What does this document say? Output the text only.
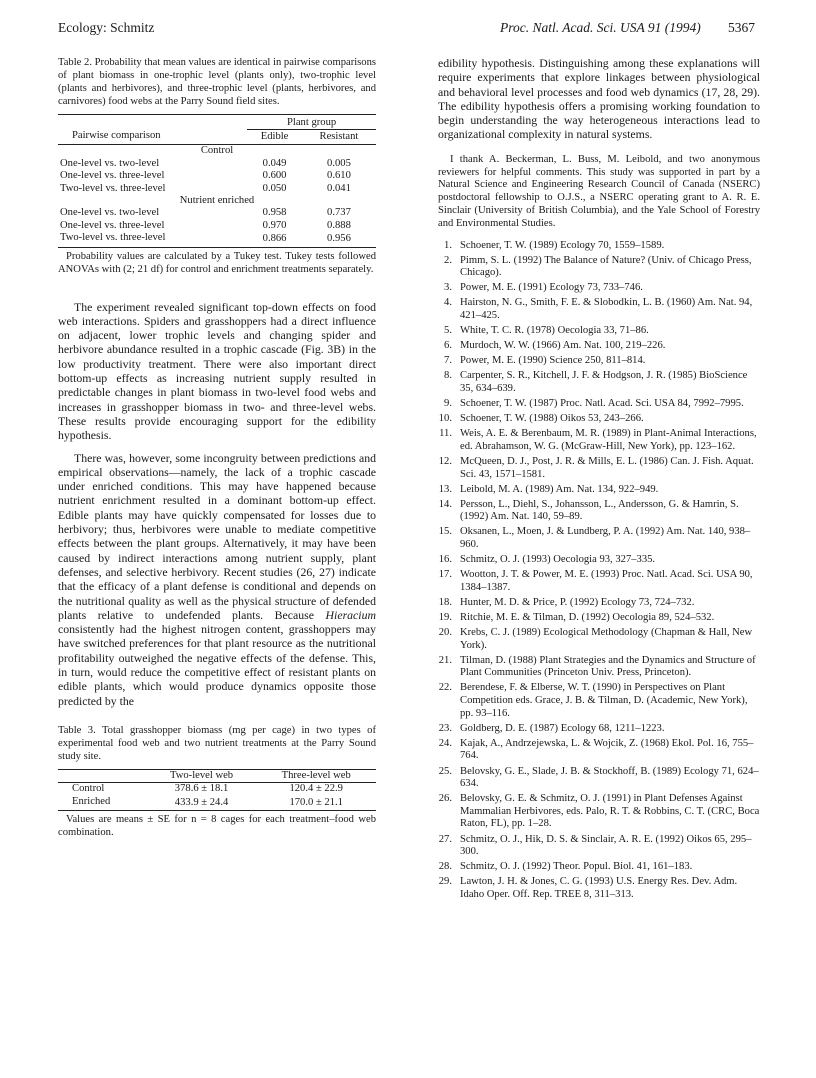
Ecology: Schmitz	Proc. Natl. Acad. Sci. USA 91 (1994) 5367

Table 2. Probability that mean values are identical in pairwise comparisons of plant biomass in one-trophic level (plants only), two-trophic level (plants and herbivores), and three-trophic level (plants, herbivores, and carnivores) food webs at the Parry Sound field sites.

	Plant group	
Pairwise comparison	Edible	Resistant
Control		
One-level vs. two-level	0.049	0.005
One-level vs. three-level	0.600	0.610
Two-level vs. three-level	0.050	0.041
Nutrient enriched		
One-level vs. two-level	0.958	0.737
One-level vs. three-level	0.970	0.888
Two-level vs. three-level	0.866	0.956

Probability values are calculated by a Tukey test. Tukey tests followed ANOVAs with (2; 21 df) for control and enrichment treatments separately.

The experiment revealed significant top-down effects on food web interactions. Spiders and grasshoppers had a direct influence on adjacent, lower trophic levels and changing spider and herbivore abundance resulted in a trophic cascade (Fig. 3B) in the low productivity treatment. There were also important direct bottom-up effects as increasing nutrient supply resulted in predictable changes in plant biomass in two-level food webs and increases in grasshopper biomass in two- and three-level webs. These results provide encouraging support for the edibility hypothesis.

There was, however, some incongruity between predictions and empirical observations—namely, the lack of a trophic cascade under enriched conditions. This may have happened because nutrient enrichment resulted in a dominant bottom-up effect. Edible plants may have quickly compensated for losses due to herbivory; thus, herbivores were unable to mediate competitive effects between the plant groups. Alternatively, it may have been caused by indirect interactions among nutrient supply, plant defenses, and selective herbivory. Recent studies (26, 27) indicate that the efficacy of a plant defense is conditional and depends on the nutritional quality as well as the physical structure of defended plants relative to undefended plants. Because Hieracium consistently had the highest nitrogen content, grasshoppers may have switched preferences for that plant resource as the nutritional profitability outweighed the negative effects of the defense. This, in turn, would reduce the competitive effect of resistant plants on edible plants, which would produce dynamics opposite those predicted by the

Table 3. Total grasshopper biomass (mg per cage) in two types of experimental food web and two nutrient treatments at the Parry Sound study site.

	Two-level web	Three-level web
Control	378.6 ± 18.1	120.4 ± 22.9
Enriched	433.9 ± 24.4	170.0 ± 21.1

Values are means ± SE for n = 8 cages for each treatment–food web combination.

edibility hypothesis. Distinguishing among these explanations will require experiments that explore linkages between physiological and behavioral level processes and food web dynamics (17, 28, 29). The edibility hypothesis offers a promising working foundation to begin understanding the way heterogeneous interactions lead to organizational complexity in natural systems.

I thank A. Beckerman, L. Buss, M. Leibold, and two anonymous reviewers for helpful comments. This study was supported in part by a Natural Science and Engineering Research Council of Canada (NSERC) postdoctoral fellowship to O.J.S., a NSERC operating grant to A. R. E. Sinclair (University of British Columbia), and the Yale School of Forestry and Environmental Studies.

1. Schoener, T. W. (1989) Ecology 70, 1559–1589.
2. Pimm, S. L. (1992) The Balance of Nature? (Univ. of Chicago Press, Chicago).
3. Power, M. E. (1991) Ecology 73, 733–746.
4. Hairston, N. G., Smith, F. E. & Slobodkin, L. B. (1960) Am. Nat. 94, 421–425.
5. White, T. C. R. (1978) Oecologia 33, 71–86.
6. Murdoch, W. W. (1966) Am. Nat. 100, 219–226.
7. Power, M. E. (1990) Science 250, 811–814.
8. Carpenter, S. R., Kitchell, J. F. & Hodgson, J. R. (1985) BioScience 35, 634–639.
9. Schoener, T. W. (1987) Proc. Natl. Acad. Sci. USA 84, 7992–7995.
10. Schoener, T. W. (1988) Oikos 53, 243–266.
11. Weis, A. E. & Berenbaum, M. R. (1989) in Plant-Animal Interactions, ed. Abrahamson, W. G. (McGraw-Hill, New York), pp. 123–162.
12. McQueen, D. J., Post, J. R. & Mills, E. L. (1986) Can. J. Fish. Aquat. Sci. 43, 1571–1581.
13. Leibold, M. A. (1989) Am. Nat. 134, 922–949.
14. Persson, L., Diehl, S., Johansson, L., Andersson, G. & Hamrin, S. (1992) Am. Nat. 140, 59–89.
15. Oksanen, L., Moen, J. & Lundberg, P. A. (1992) Am. Nat. 140, 938–960.
16. Schmitz, O. J. (1993) Oecologia 93, 327–335.
17. Wootton, J. T. & Power, M. E. (1993) Proc. Natl. Acad. Sci. USA 90, 1384–1387.
18. Hunter, M. D. & Price, P. (1992) Ecology 73, 724–732.
19. Ritchie, M. E. & Tilman, D. (1992) Oecologia 89, 524–532.
20. Krebs, C. J. (1989) Ecological Methodology (Chapman & Hall, New York).
21. Tilman, D. (1988) Plant Strategies and the Dynamics and Structure of Plant Communities (Princeton Univ. Press, Princeton).
22. Berendese, F. & Elberse, W. T. (1990) in Perspectives on Plant Competition eds. Grace, J. B. & Tilman, D. (Academic, New York), pp. 93–116.
23. Goldberg, D. E. (1987) Ecology 68, 1211–1223.
24. Kajak, A., Andrzejewska, L. & Wojcik, Z. (1968) Ekol. Pol. 16, 755–764.
25. Belovsky, G. E., Slade, J. B. & Stockhoff, B. (1989) Ecology 71, 624–634.
26. Belovsky, G. E. & Schmitz, O. J. (1991) in Plant Defenses Against Mammalian Herbivores, eds. Palo, R. T. & Robbins, C. T. (CRC, Boca Raton, FL), pp. 1–28.
27. Schmitz, O. J., Hik, D. S. & Sinclair, A. R. E. (1992) Oikos 65, 295–300.
28. Schmitz, O. J. (1992) Theor. Popul. Biol. 41, 161–183.
29. Lawton, J. H. & Jones, C. G. (1993) U.S. Energy Res. Dev. Adm. Idaho Oper. Off. Rep. TREE 8, 311–313.
